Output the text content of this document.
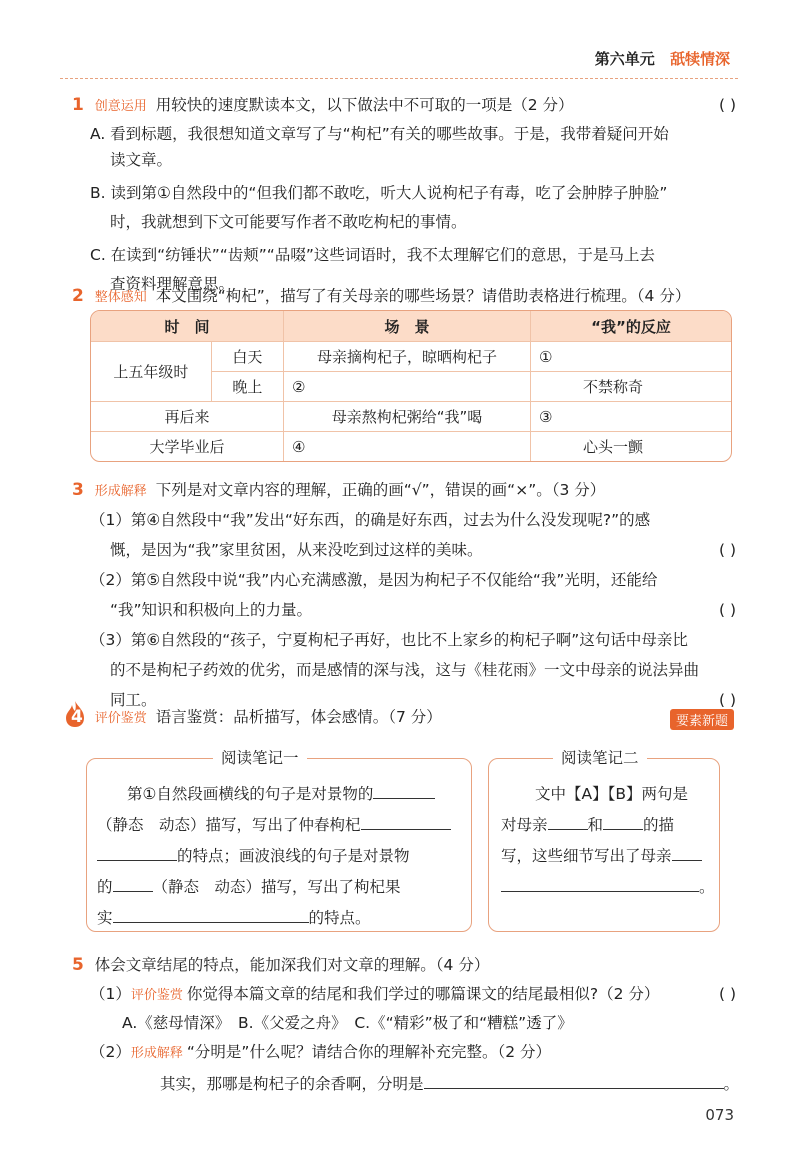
第六单元 舐犊情深
1 创意运用 用较快的速度默读本文，以下做法中不可取的一项是（2 分）	( )
A. 看到标题，我很想知道文章写了与“枸杞”有关的哪些故事。于是，我带着疑问开始
读文章。
B. 读到第①自然段中的“但我们都不敢吃，听大人说枸杞子有毒，吃了会肿脖子肿脸”
时，我就想到下文可能要写作者不敢吃枸杞的事情。
C. 在读到“纺锤状”“齿颊”“品啜”这些词语时，我不太理解它们的意思，于是马上去
查资料理解意思。
2 整体感知 本文围绕“枸杞”，描写了有关母亲的哪些场景？请借助表格进行梳理。（4 分）
时　间		场　景	“我”的反应
上五年级时	白天	母亲摘枸杞子，晾晒枸杞子	①
	晚上	②	不禁称奇
再后来		母亲熬枸杞粥给“我”喝	③
大学毕业后		④	心头一颤
3 形成解释 下列是对文章内容的理解，正确的画“√”，错误的画“×”。（3 分）
（1）第④自然段中“我”发出“好东西，的确是好东西，过去为什么没发现呢?”的感
慨，是因为“我”家里贫困，从来没吃到过这样的美味。	( )
（2）第⑤自然段中说“我”内心充满感激，是因为枸杞子不仅能给“我”光明，还能给
“我”知识和积极向上的力量。	( )
（3）第⑥自然段的“孩子，宁夏枸杞子再好，也比不上家乡的枸杞子啊”这句话中母亲比
的不是枸杞子药效的优劣，而是感情的深与浅，这与《桂花雨》一文中母亲的说法异曲
同工。	( )
4 评价鉴赏 语言鉴赏：品析描写，体会感情。（7 分）	要素新题
阅读笔记一
第①自然段画横线的句子是对景物的
（静态　动态）描写，写出了仲春枸杞
的特点；画波浪线的句子是对景物
的	（静态　动态）描写，写出了枸杞果
实	的特点。
阅读笔记二
文中【A】【B】两句是
对母亲	和	的描
写，这些细节写出了母亲
。
5 体会文章结尾的特点，能加深我们对文章的理解。（4 分）
（1）评价鉴赏 你觉得本篇文章的结尾和我们学过的哪篇课文的结尾最相似?（2 分）	( )
A.《慈母情深》　B.《父爱之舟》　C.《“精彩”极了和“糟糕”透了》
（2）形成解释 “分明是”什么呢？请结合你的理解补充完整。（2 分）
其实，那哪是枸杞子的余香啊，分明是	。
073
